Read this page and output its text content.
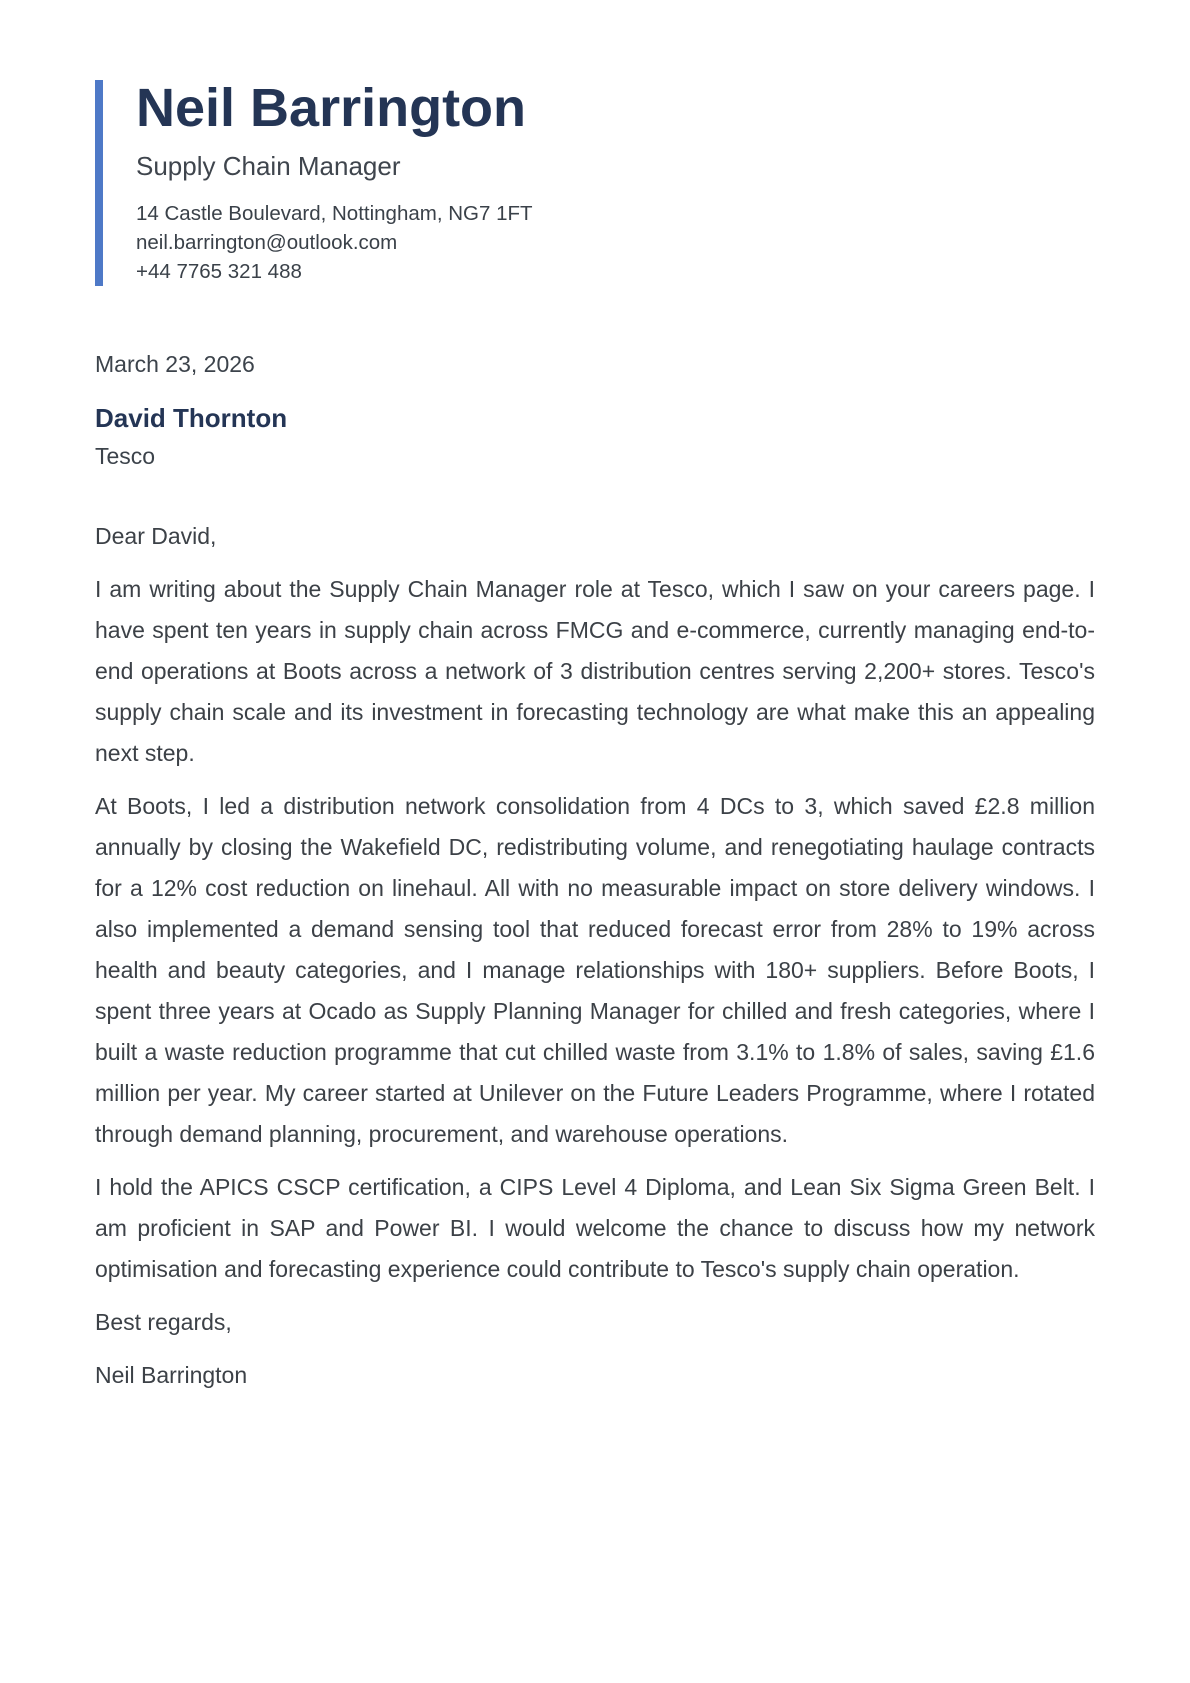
Neil Barrington
Supply Chain Manager
14 Castle Boulevard, Nottingham, NG7 1FT
neil.barrington@outlook.com
+44 7765 321 488
March 23, 2026
David Thornton
Tesco
Dear David,

I am writing about the Supply Chain Manager role at Tesco, which I saw on your careers page. I have spent ten years in supply chain across FMCG and e-commerce, currently managing end-to-end operations at Boots across a network of 3 distribution centres serving 2,200+ stores. Tesco's supply chain scale and its investment in forecasting technology are what make this an appealing next step.

At Boots, I led a distribution network consolidation from 4 DCs to 3, which saved £2.8 million annually by closing the Wakefield DC, redistributing volume, and renegotiating haulage contracts for a 12% cost reduction on linehaul. All with no measurable impact on store delivery windows. I also implemented a demand sensing tool that reduced forecast error from 28% to 19% across health and beauty categories, and I manage relationships with 180+ suppliers. Before Boots, I spent three years at Ocado as Supply Planning Manager for chilled and fresh categories, where I built a waste reduction programme that cut chilled waste from 3.1% to 1.8% of sales, saving £1.6 million per year. My career started at Unilever on the Future Leaders Programme, where I rotated through demand planning, procurement, and warehouse operations.

I hold the APICS CSCP certification, a CIPS Level 4 Diploma, and Lean Six Sigma Green Belt. I am proficient in SAP and Power BI. I would welcome the chance to discuss how my network optimisation and forecasting experience could contribute to Tesco's supply chain operation.

Best regards,
Neil Barrington
